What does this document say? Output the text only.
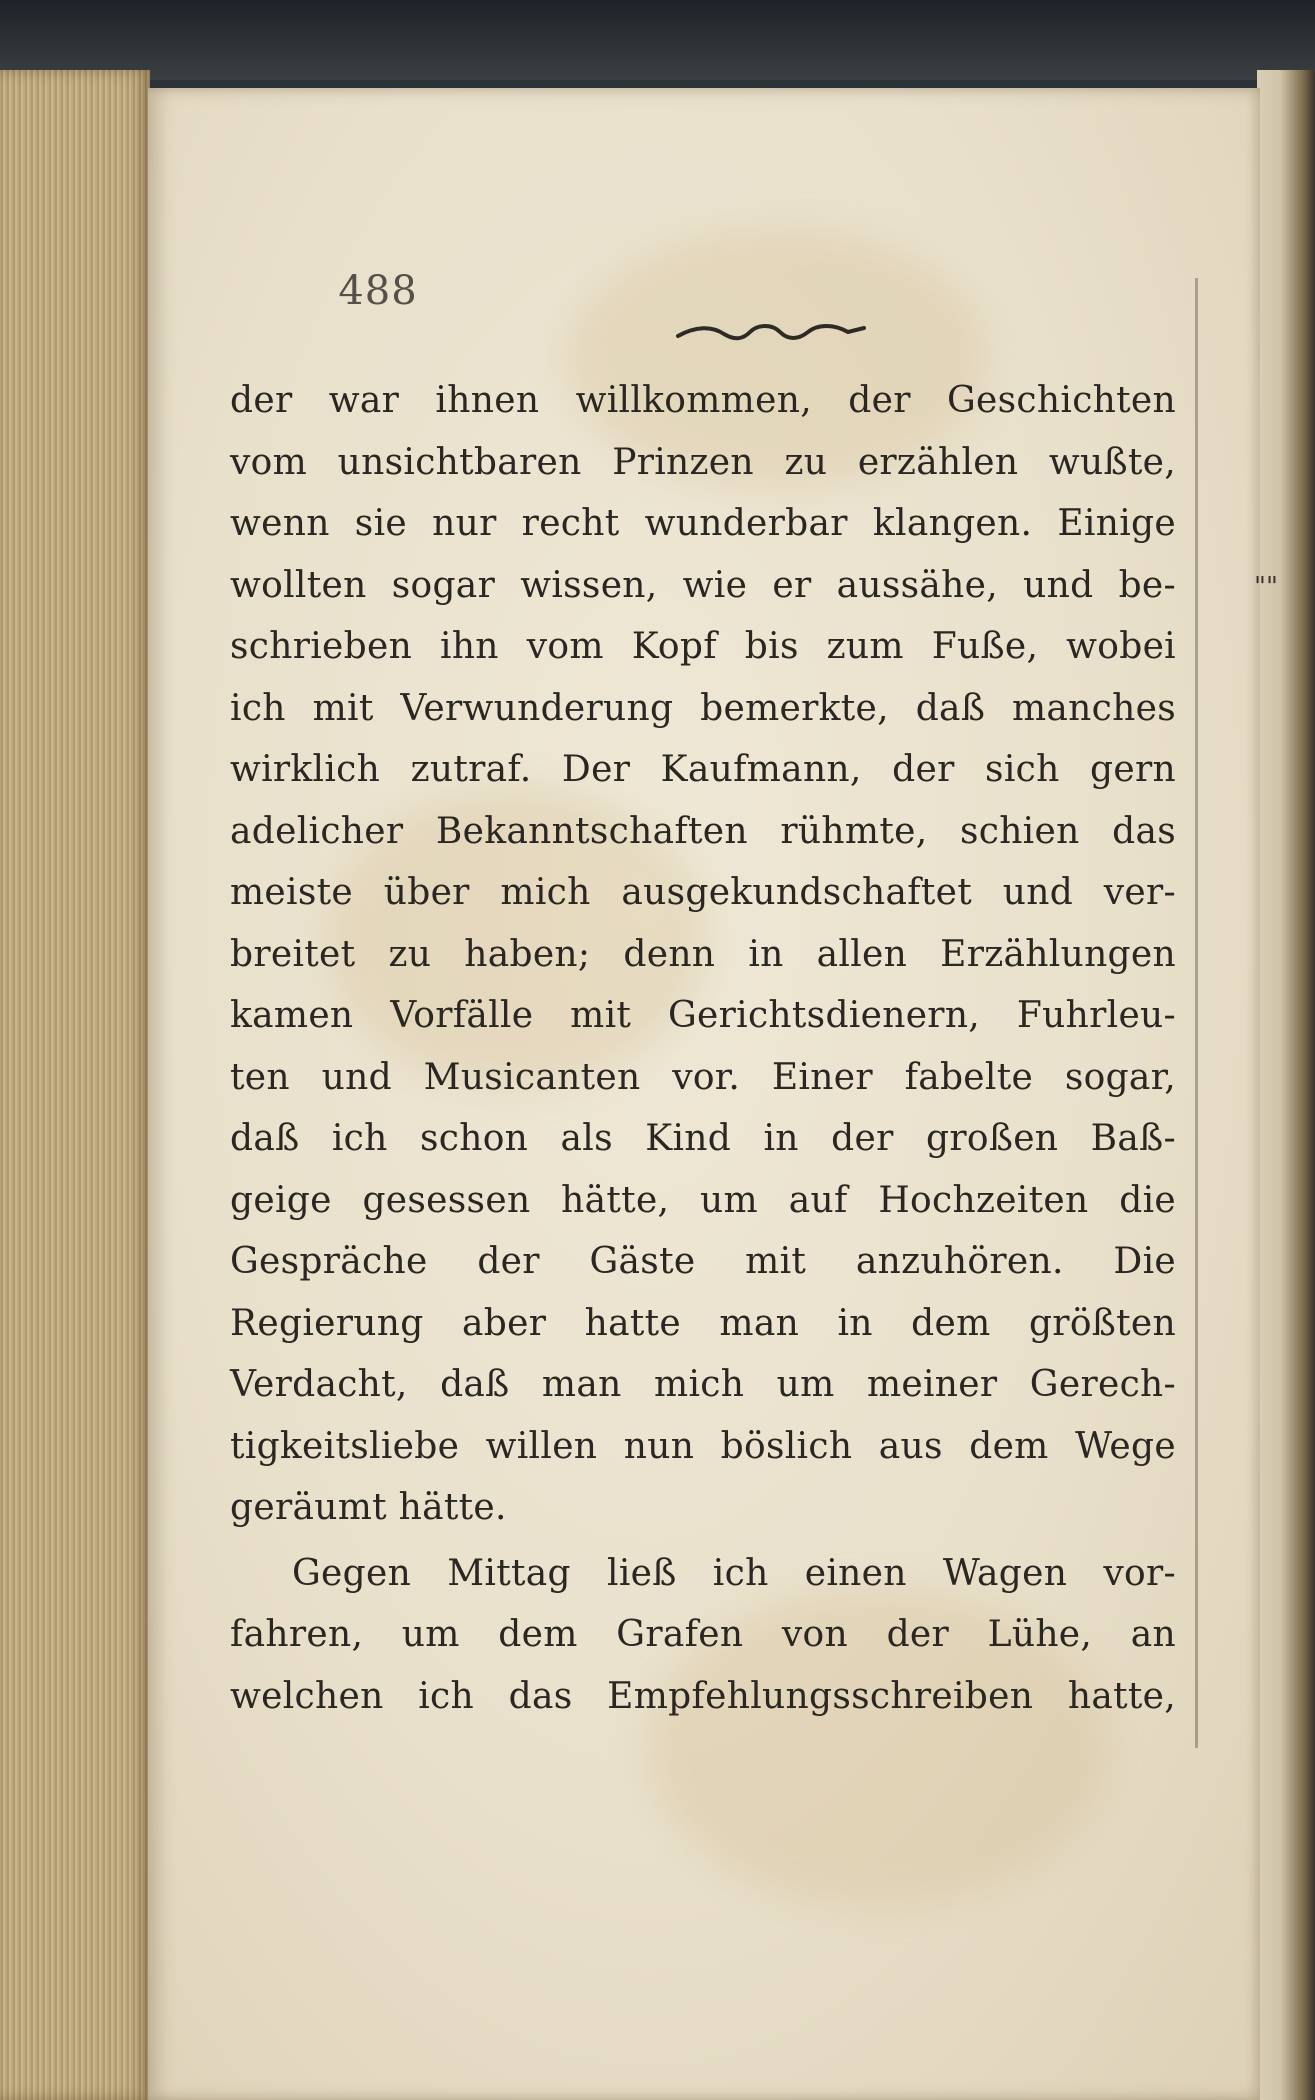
488
""
der war ihnen willkommen, der Geschichten
vom unsichtbaren Prinzen zu erzählen wußte,
wenn sie nur recht wunderbar klangen. Einige
wollten sogar wissen, wie er aussähe, und be-
schrieben ihn vom Kopf bis zum Fuße, wobei
ich mit Verwunderung bemerkte, daß manches
wirklich zutraf. Der Kaufmann, der sich gern
adelicher Bekanntschaften rühmte, schien das
meiste über mich ausgekundschaftet und ver-
breitet zu haben; denn in allen Erzählungen
kamen Vorfälle mit Gerichtsdienern, Fuhrleu-
ten und Musicanten vor. Einer fabelte sogar,
daß ich schon als Kind in der großen Baß-
geige gesessen hätte, um auf Hochzeiten die
Gespräche der Gäste mit anzuhören. Die
Regierung aber hatte man in dem größten
Verdacht, daß man mich um meiner Gerech-
tigkeitsliebe willen nun böslich aus dem Wege
geräumt hätte.
Gegen Mittag ließ ich einen Wagen vor-
fahren, um dem Grafen von der Lühe, an
welchen ich das Empfehlungsschreiben hatte,
